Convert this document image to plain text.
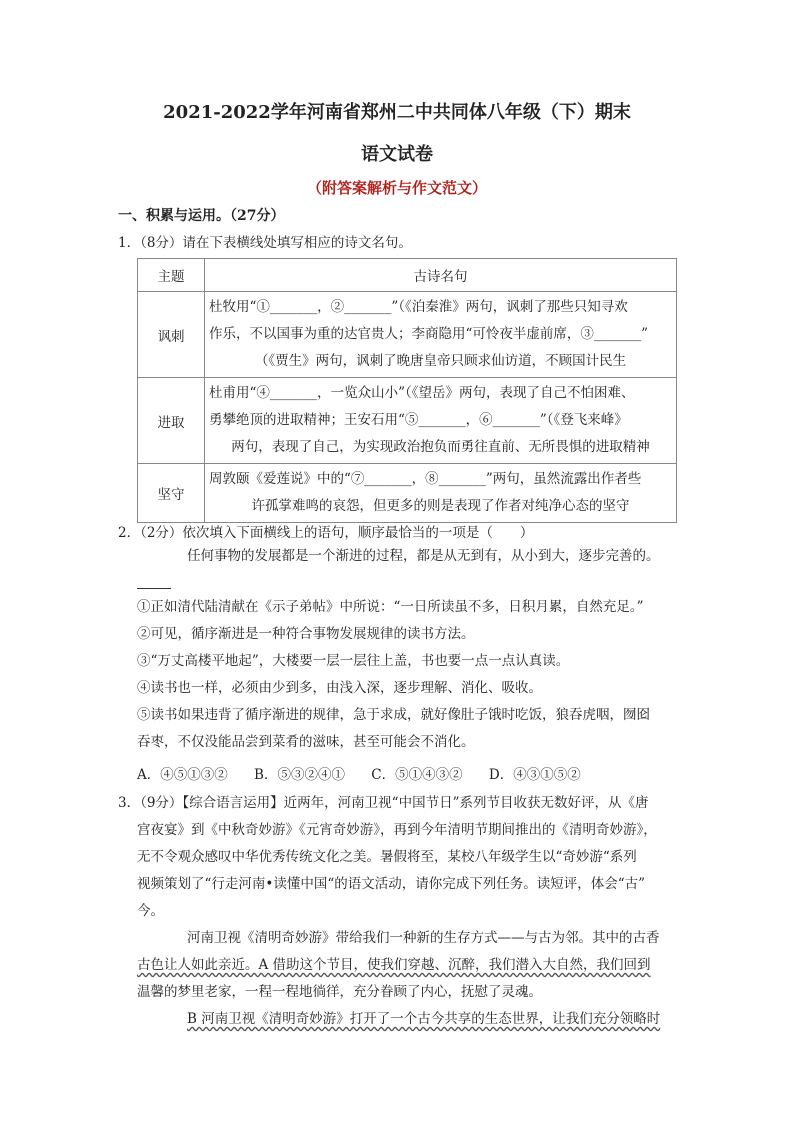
2021-2022学年河南省郑州二中共同体八年级（下）期末
语文试卷
（附答案解析与作文范文）
一、积累与运用。（27分）
1．（8分）请在下表横线处填写相应的诗文名句。
主题	古诗名句
讽刺	杜牧用“①_______，②_______”（《泊秦淮》两句，讽刺了那些只知寻欢

作乐，不以国事为重的达官贵人；李商隐用“可怜夜半虚前席，③_______”

（《贾生》两句，讽刺了晚唐皇帝只顾求仙访道，不顾国计民生

进取	杜甫用“④_______，一览众山小”（《望岳》两句，表现了自己不怕困难、

勇攀绝顶的进取精神；王安石用“⑤_______，⑥_______”（《登飞来峰》

两句，表现了自己，为实现政治抱负而勇往直前、无所畏惧的进取精神

坚守	周敦颐《爱莲说》中的“⑦_______，⑧_______”两句，虽然流露出作者些

许孤掌难鸣的哀怨，但更多的则是表现了作者对纯净心态的坚守

2．（2分）依次填入下面横线上的语句，顺序最恰当的一项是（　　）

任何事物的发展都是一个渐进的过程，都是从无到有，从小到大，逐步完善的。

①正如清代陆清献在《示子弟帖》中所说：“一日所读虽不多，日积月累，自然充足。”

②可见，循序渐进是一种符合事物发展规律的读书方法。

③“万丈高楼平地起”，大楼要一层一层往上盖，书也要一点一点认真读。

④读书也一样，必须由少到多，由浅入深，逐步理解、消化、吸收。

⑤读书如果违背了循序渐进的规律，急于求成，就好像肚子饿时吃饭，狼吞虎咽，囫囵

吞枣，不仅没能品尝到菜肴的滋味，甚至可能会不消化。

A．④⑤①③② B．⑤③②④① C．⑤①④③② D．④③①⑤②
3．（9分）【综合语言运用】近两年，河南卫视“中国节日”系列节目收获无数好评，从《唐
宫夜宴》到《中秋奇妙游》《元宵奇妙游》，再到今年清明节期间推出的《清明奇妙游》，
无不令观众感叹中华优秀传统文化之美。暑假将至，某校八年级学生以“奇妙游“系列
视频策划了“行走河南•读懂中国“的语文活动，请你完成下列任务。读短评，体会“古”
今。

河南卫视《清明奇妙游》带给我们一种新的生存方式——与古为邻。其中的古香

古色让人如此亲近。A 借助这个节目，使我们穿越、沉醉，我们潜入大自然，我们回到

温馨的梦里老家，一程一程地徜徉，充分眷顾了内心，抚慰了灵魂。

B 河南卫视《清明奇妙游》打开了一个古今共享的生态世界，让我们充分领略时
